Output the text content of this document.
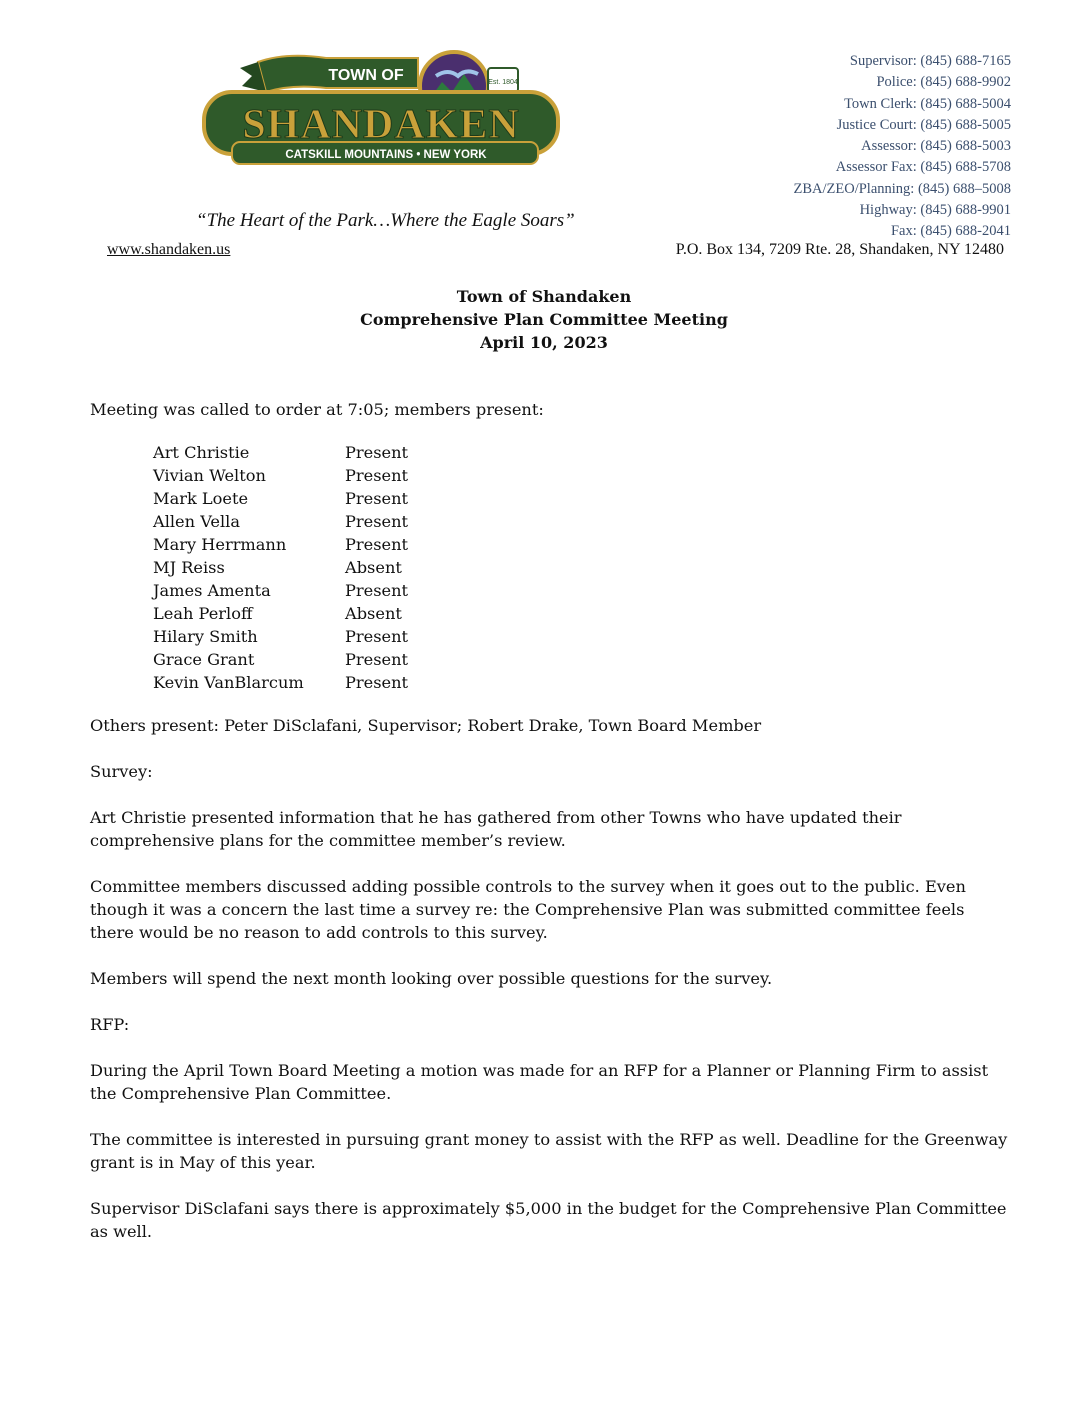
TOWN OF	Est. 1804
SHANDAKEN
CATSKILL MOUNTAINS • NEW YORK
“The Heart of the Park…Where the Eagle Soars”
www.shandaken.us
Supervisor: (845) 688-7165
Police: (845) 688-9902
Town Clerk: (845) 688-5004
Justice Court: (845) 688-5005
Assessor: (845) 688-5003
Assessor Fax: (845) 688-5708
ZBA/ZEO/Planning: (845) 688–5008
Highway: (845) 688-9901
Fax: (845) 688-2041
P.O. Box 134, 7209 Rte. 28, Shandaken, NY 12480
Town of Shandaken
Comprehensive Plan Committee Meeting
April 10, 2023

Meeting was called to order at 7:05; members present:

Art Christie	Present
Vivian Welton	Present
Mark Loete	Present
Allen Vella	Present
Mary Herrmann	Present
MJ Reiss	Absent
James Amenta	Present
Leah Perloff	Absent
Hilary Smith	Present
Grace Grant	Present
Kevin VanBlarcum	Present

Others present: Peter DiSclafani, Supervisor; Robert Drake, Town Board Member

Survey:

Art Christie presented information that he has gathered from other Towns who have updated their comprehensive plans for the committee member’s review.

Committee members discussed adding possible controls to the survey when it goes out to the public. Even though it was a concern the last time a survey re: the Comprehensive Plan was submitted committee feels there would be no reason to add controls to this survey.

Members will spend the next month looking over possible questions for the survey.

RFP:

During the April Town Board Meeting a motion was made for an RFP for a Planner or Planning Firm to assist the Comprehensive Plan Committee.

The committee is interested in pursuing grant money to assist with the RFP as well. Deadline for the Greenway grant is in May of this year.

Supervisor DiSclafani says there is approximately $5,000 in the budget for the Comprehensive Plan Committee as well.
